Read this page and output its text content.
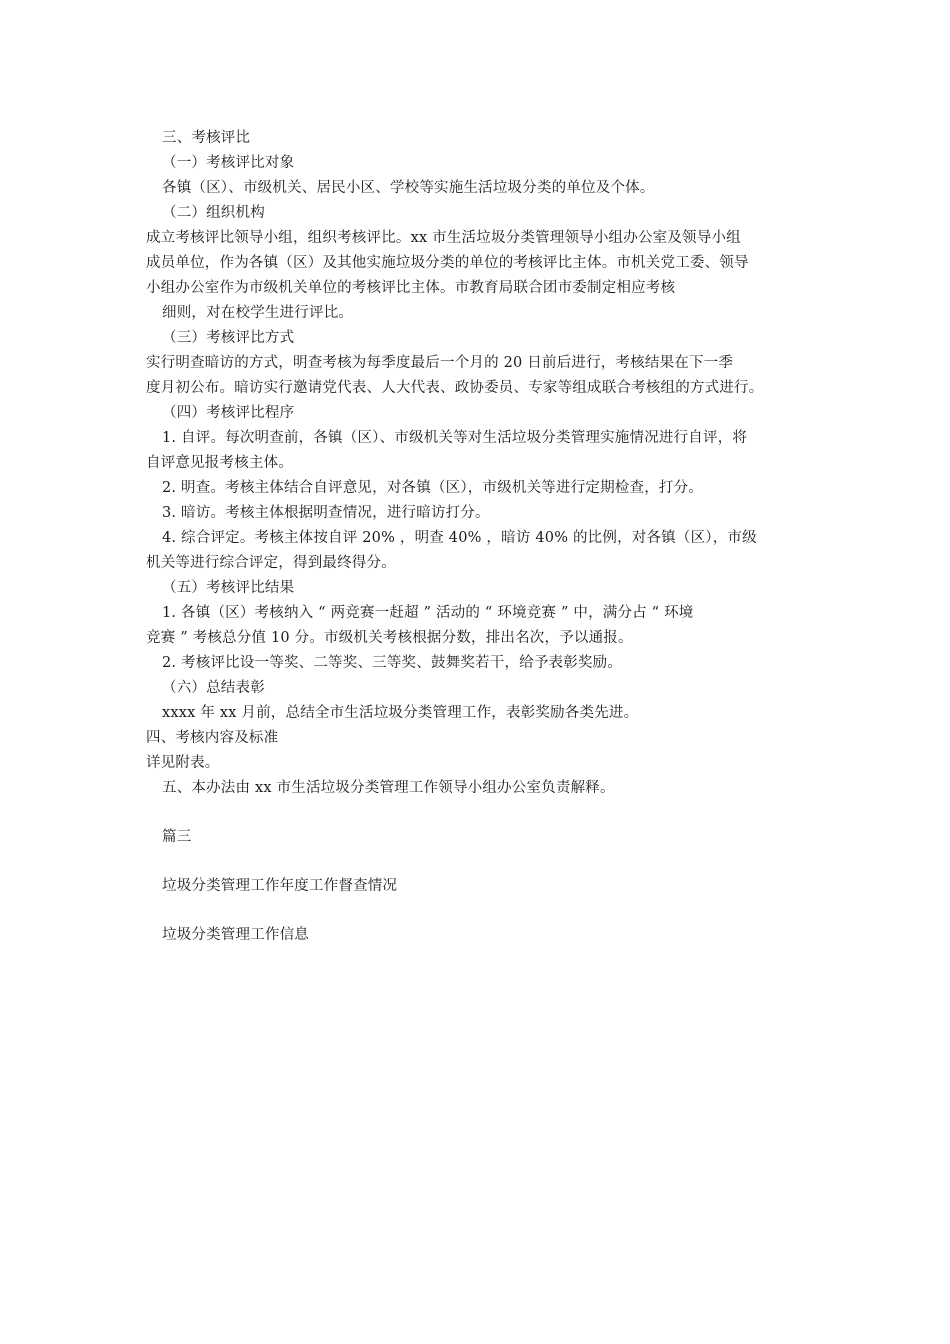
三、考核评比
（一）考核评比对象
各镇（区）、市级机关、居民小区、学校等实施生活垃圾分类的单位及个体。
（二）组织机构
成立考核评比领导小组，组织考核评比。xx 市生活垃圾分类管理领导小组办公室及领导小组
成员单位，作为各镇（区）及其他实施垃圾分类的单位的考核评比主体。市机关党工委、领导
小组办公室作为市级机关单位的考核评比主体。市教育局联合团市委制定相应考核
细则，对在校学生进行评比。
（三）考核评比方式
实行明查暗访的方式，明查考核为每季度最后一个月的 20 日前后进行，考核结果在下一季
度月初公布。暗访实行邀请党代表、人大代表、政协委员、专家等组成联合考核组的方式进行。
（四）考核评比程序
1. 自评。每次明查前，各镇（区）、市级机关等对生活垃圾分类管理实施情况进行自评，将
自评意见报考核主体。
2. 明查。考核主体结合自评意见，对各镇（区），市级机关等进行定期检查，打分。
3. 暗访。考核主体根据明查情况，进行暗访打分。
4. 综合评定。考核主体按自评 20% ，明查 40% ，暗访 40% 的比例，对各镇（区），市级
机关等进行综合评定，得到最终得分。
（五）考核评比结果
1. 各镇（区）考核纳入 “ 两竞赛一赶超 ” 活动的 “ 环境竞赛 ” 中，满分占 “ 环境
竞赛 ” 考核总分值 10 分。市级机关考核根据分数，排出名次，予以通报。
2. 考核评比设一等奖、二等奖、三等奖、鼓舞奖若干，给予表彰奖励。
（六）总结表彰
xxxx 年 xx 月前，总结全市生活垃圾分类管理工作，表彰奖励各类先进。
四、考核内容及标准
详见附表。
五、本办法由 xx 市生活垃圾分类管理工作领导小组办公室负责解释。
篇三
垃圾分类管理工作年度工作督查情况
垃圾分类管理工作信息
